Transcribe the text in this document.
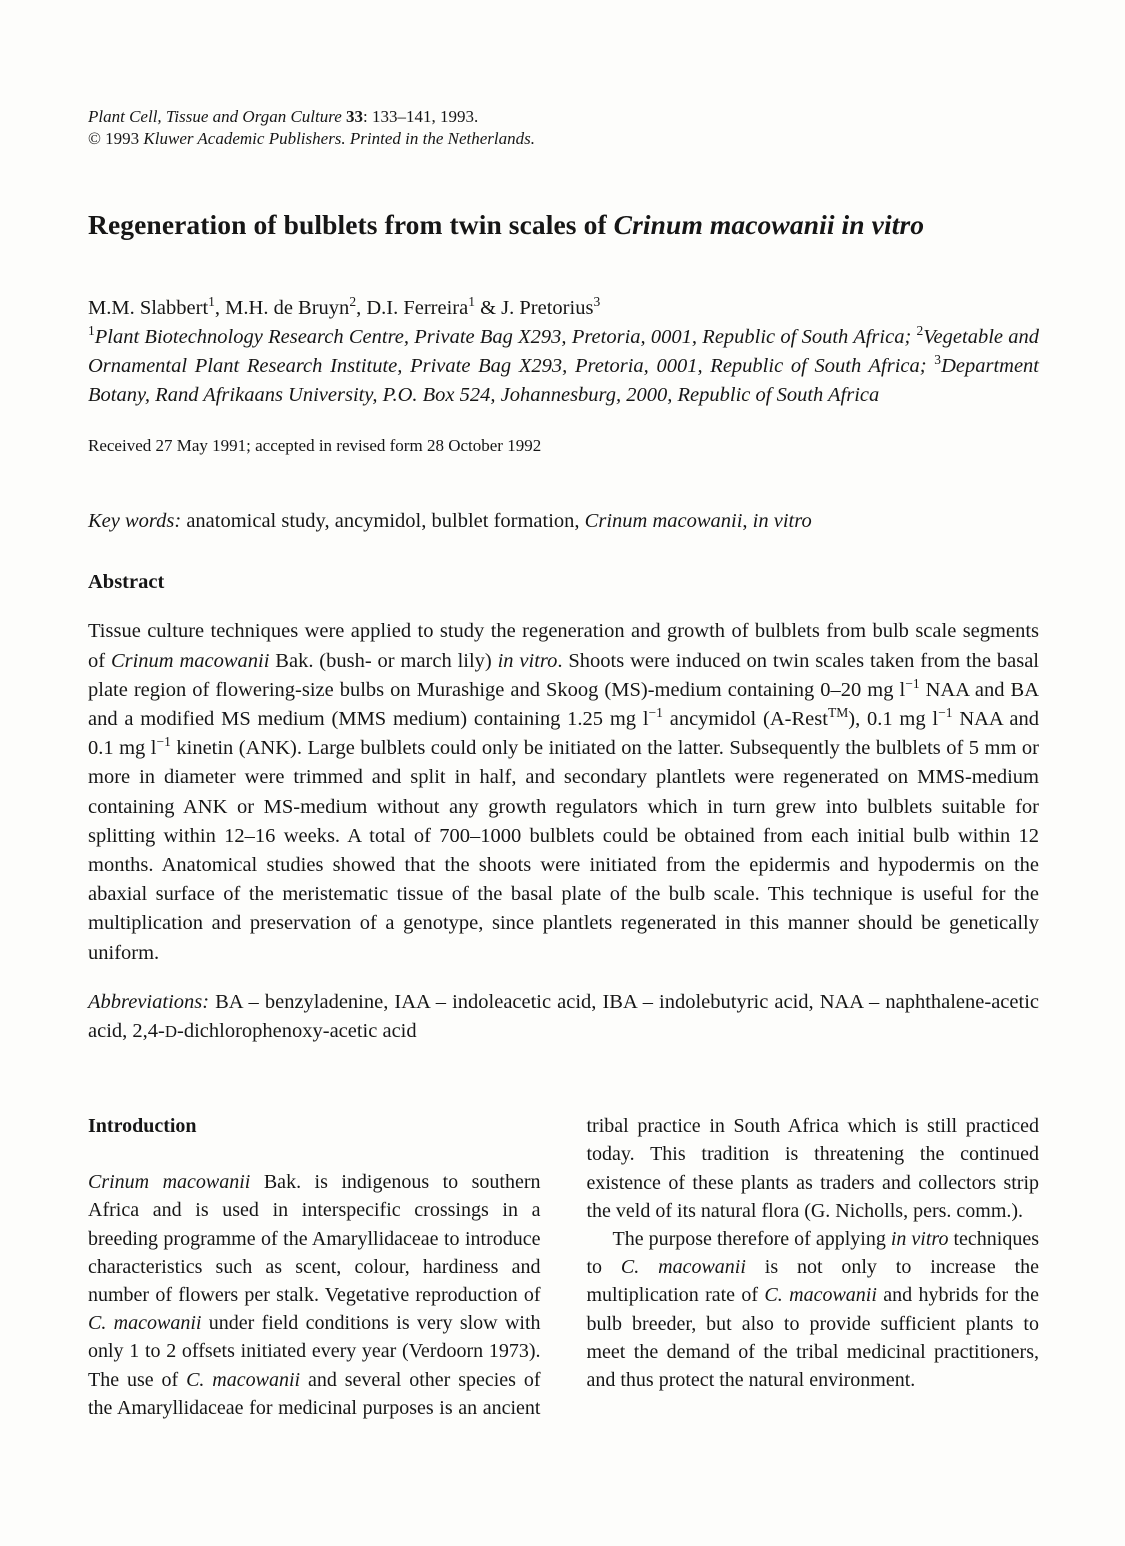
Plant Cell, Tissue and Organ Culture 33: 133–141, 1993.
© 1993 Kluwer Academic Publishers. Printed in the Netherlands.
Regeneration of bulblets from twin scales of Crinum macowanii in vitro
M.M. Slabbert$^1$, M.H. de Bruyn$^2$, D.I. Ferreira$^1$ & J. Pretorius$^3$
$^1$Plant Biotechnology Research Centre, Private Bag X293, Pretoria, 0001, Republic of South Africa; $^2$Vegetable and Ornamental Plant Research Institute, Private Bag X293, Pretoria, 0001, Republic of South Africa; $^3$Department Botany, Rand Afrikaans University, P.O. Box 524, Johannesburg, 2000, Republic of South Africa
Received 27 May 1991; accepted in revised form 28 October 1992
Key words: anatomical study, ancymidol, bulblet formation, Crinum macowanii, in vitro
Abstract

Tissue culture techniques were applied to study the regeneration and growth of bulblets from bulb scale segments of Crinum macowanii Bak. (bush- or march lily) in vitro. Shoots were induced on twin scales taken from the basal plate region of flowering-size bulbs on Murashige and Skoog (MS)-medium containing 0–20 mg $l^{-1}$ NAA and BA and a modified MS medium (MMS medium) containing 1.25 mg $l^{-1}$ ancymidol (A-Rest™), 0.1 mg $l^{-1}$ NAA and 0.1 mg $l^{-1}$ kinetin (ANK). Large bulblets could only be initiated on the latter. Subsequently the bulblets of 5 mm or more in diameter were trimmed and split in half, and secondary plantlets were regenerated on MMS-medium containing ANK or MS-medium without any growth regulators which in turn grew into bulblets suitable for splitting within 12–16 weeks. A total of 700–1000 bulblets could be obtained from each initial bulb within 12 months. Anatomical studies showed that the shoots were initiated from the epidermis and hypodermis on the abaxial surface of the meristematic tissue of the basal plate of the bulb scale. This technique is useful for the multiplication and preservation of a genotype, since plantlets regenerated in this manner should be genetically uniform.

Abbreviations: BA – benzyladenine, IAA – indoleacetic acid, IBA – indolebutyric acid, NAA – naphthalene-acetic acid, 2,4-D-dichlorophenoxy-acetic acid

Introduction

Crinum macowanii Bak. is indigenous to southern Africa and is used in interspecific crossings in a breeding programme of the Amaryllidaceae to introduce characteristics such as scent, colour, hardiness and number of flowers per stalk. Vegetative reproduction of C. macowanii under field conditions is very slow with only 1 to 2 offsets initiated every year (Verdoorn 1973). The use of C. macowanii and several other species of the Amaryllidaceae for medicinal purposes is an ancient tribal practice in South Africa which is still practiced today. This tradition is threatening the continued existence of these plants as traders and collectors strip the veld of its natural flora (G. Nicholls, pers. comm.).

The purpose therefore of applying in vitro techniques to C. macowanii is not only to increase the multiplication rate of C. macowanii and hybrids for the bulb breeder, but also to provide sufficient plants to meet the demand of the tribal medicinal practitioners, and thus protect the natural environment.
